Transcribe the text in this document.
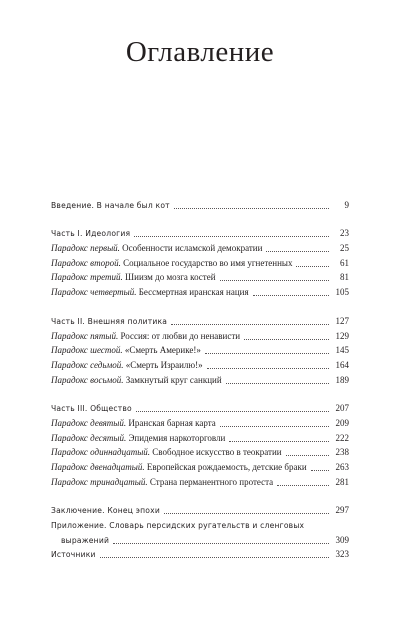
Оглавление
Введение. В начале был кот	9
Часть I. Идеология	23
Парадокс первый. Особенности исламской демократии	25
Парадокс второй. Социальное государство во имя угнетенных	61
Парадокс третий. Шиизм до мозга костей	81
Парадокс четвертый. Бессмертная иранская нация	105
Часть II. Внешняя политика	127
Парадокс пятый. Россия: от любви до ненависти	129
Парадокс шестой. «Смерть Америке!»	145
Парадокс седьмой. «Смерть Израилю!»	164
Парадокс восьмой. Замкнутый круг санкций	189
Часть III. Общество	207
Парадокс девятый. Иранская барная карта	209
Парадокс десятый. Эпидемия наркоторговли	222
Парадокс одиннадцатый. Свободное искусство в теократии	238
Парадокс двенадцатый. Европейская рождаемость, детские браки	263
Парадокс тринадцатый. Страна перманентного протеста	281
Заключение. Конец эпохи	297
Приложение. Словарь персидских ругательств и сленговых
выражений	309
Источники	323
